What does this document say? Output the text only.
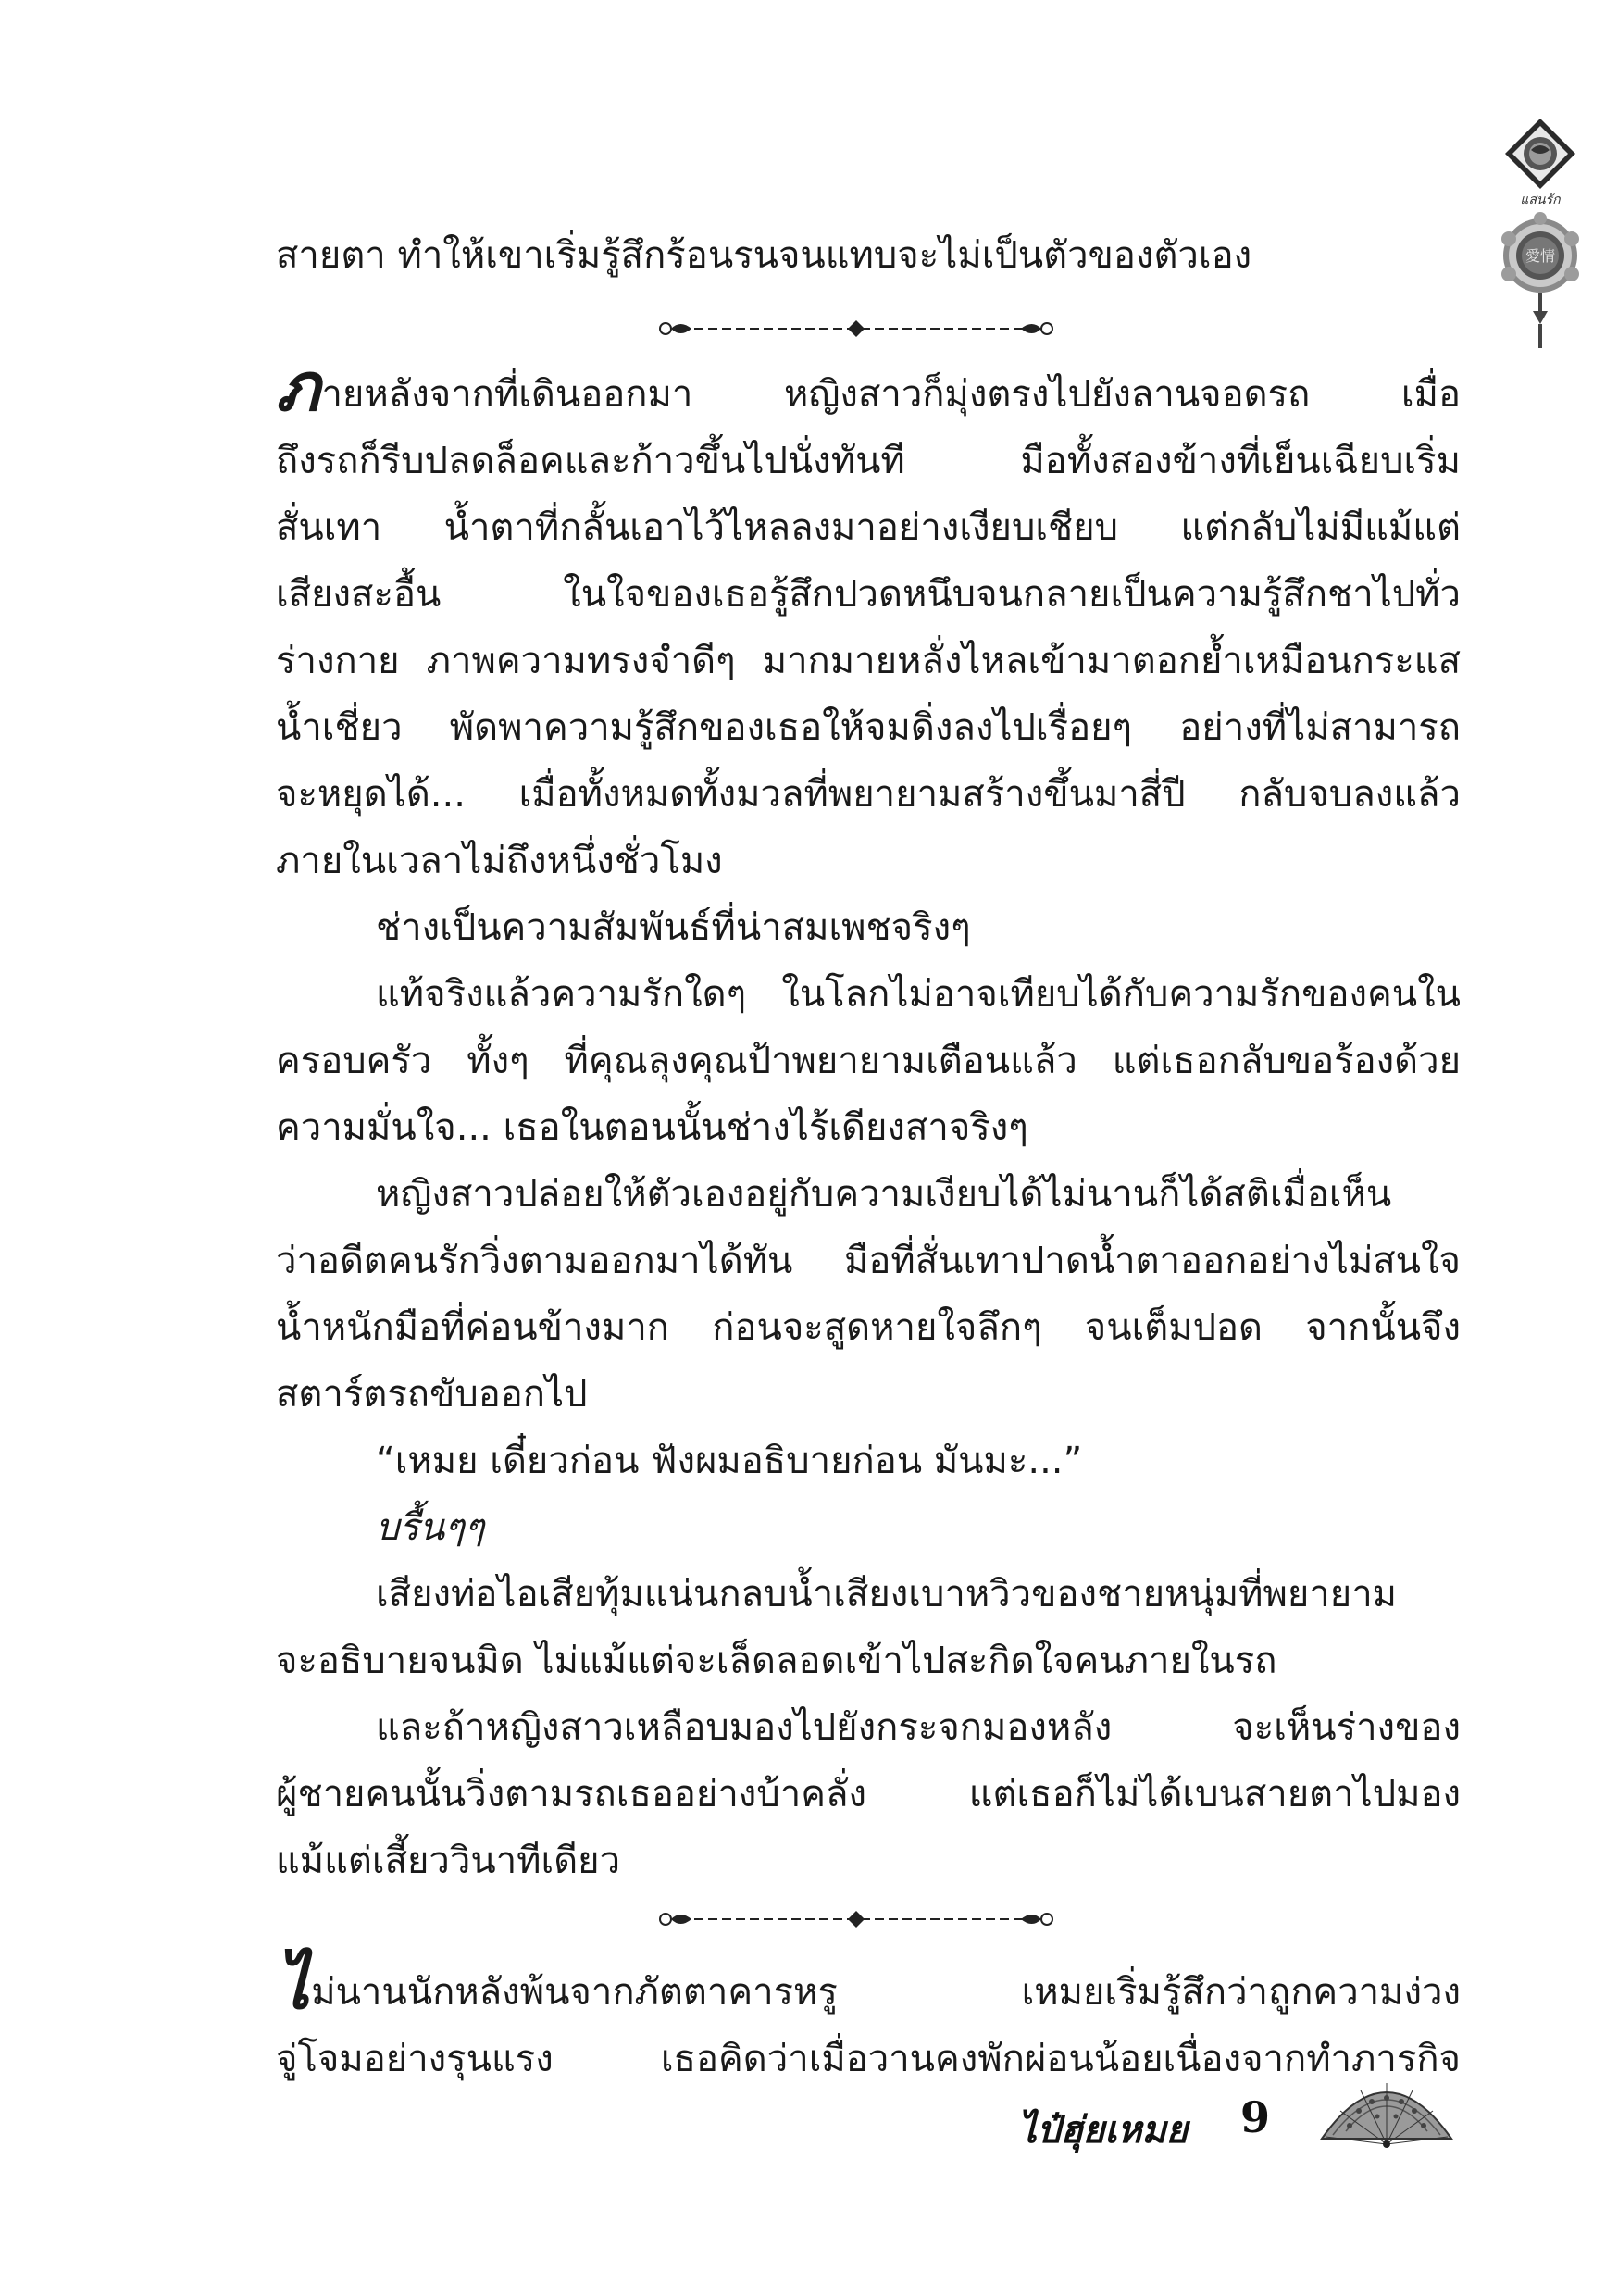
แสนรัก
愛情
สายตา ทำให้เขาเริ่มรู้สึกร้อนรนจนแทบจะไม่เป็นตัวของตัวเอง
ภายหลังจากที่เดินออกมา หญิงสาวก็มุ่งตรงไปยังลานจอดรถ เมื่อ
ถึงรถก็รีบปลดล็อคและก้าวขึ้นไปนั่งทันที มือทั้งสองข้างที่เย็นเฉียบเริ่ม
สั่นเทา น้ำตาที่กลั้นเอาไว้ไหลลงมาอย่างเงียบเชียบ แต่กลับไม่มีแม้แต่
เสียงสะอื้น ในใจของเธอรู้สึกปวดหนึบจนกลายเป็นความรู้สึกชาไปทั่ว
ร่างกาย ภาพความทรงจำดีๆ มากมายหลั่งไหลเข้ามาตอกย้ำเหมือนกระแส
น้ำเชี่ยว พัดพาความรู้สึกของเธอให้จมดิ่งลงไปเรื่อยๆ อย่างที่ไม่สามารถ
จะหยุดได้... เมื่อทั้งหมดทั้งมวลที่พยายามสร้างขึ้นมาสี่ปี กลับจบลงแล้ว
ภายในเวลาไม่ถึงหนึ่งชั่วโมง
ช่างเป็นความสัมพันธ์ที่น่าสมเพชจริงๆ
แท้จริงแล้วความรักใดๆ ในโลกไม่อาจเทียบได้กับความรักของคนใน
ครอบครัว ทั้งๆ ที่คุณลุงคุณป้าพยายามเตือนแล้ว แต่เธอกลับขอร้องด้วย
ความมั่นใจ... เธอในตอนนั้นช่างไร้เดียงสาจริงๆ
หญิงสาวปล่อยให้ตัวเองอยู่กับความเงียบได้ไม่นานก็ได้สติเมื่อเห็น
ว่าอดีตคนรักวิ่งตามออกมาได้ทัน มือที่สั่นเทาปาดน้ำตาออกอย่างไม่สนใจ
น้ำหนักมือที่ค่อนข้างมาก ก่อนจะสูดหายใจลึกๆ จนเต็มปอด จากนั้นจึง
สตาร์ตรถขับออกไป
“เหมย เดี๋ยวก่อน ฟังผมอธิบายก่อน มันมะ...”
บรื้นๆๆ
เสียงท่อไอเสียทุ้มแน่นกลบน้ำเสียงเบาหวิวของชายหนุ่มที่พยายาม
จะอธิบายจนมิด ไม่แม้แต่จะเล็ดลอดเข้าไปสะกิดใจคนภายในรถ
และถ้าหญิงสาวเหลือบมองไปยังกระจกมองหลัง จะเห็นร่างของ
ผู้ชายคนนั้นวิ่งตามรถเธออย่างบ้าคลั่ง แต่เธอก็ไม่ได้เบนสายตาไปมอง
แม้แต่เสี้ยววินาทีเดียว
ไม่นานนักหลังพ้นจากภัตตาคารหรู เหมยเริ่มรู้สึกว่าถูกความง่วง
จู่โจมอย่างรุนแรง เธอคิดว่าเมื่อวานคงพักผ่อนน้อยเนื่องจากทำภารกิจ
ไป๋ฮุ่ยเหมย 9
